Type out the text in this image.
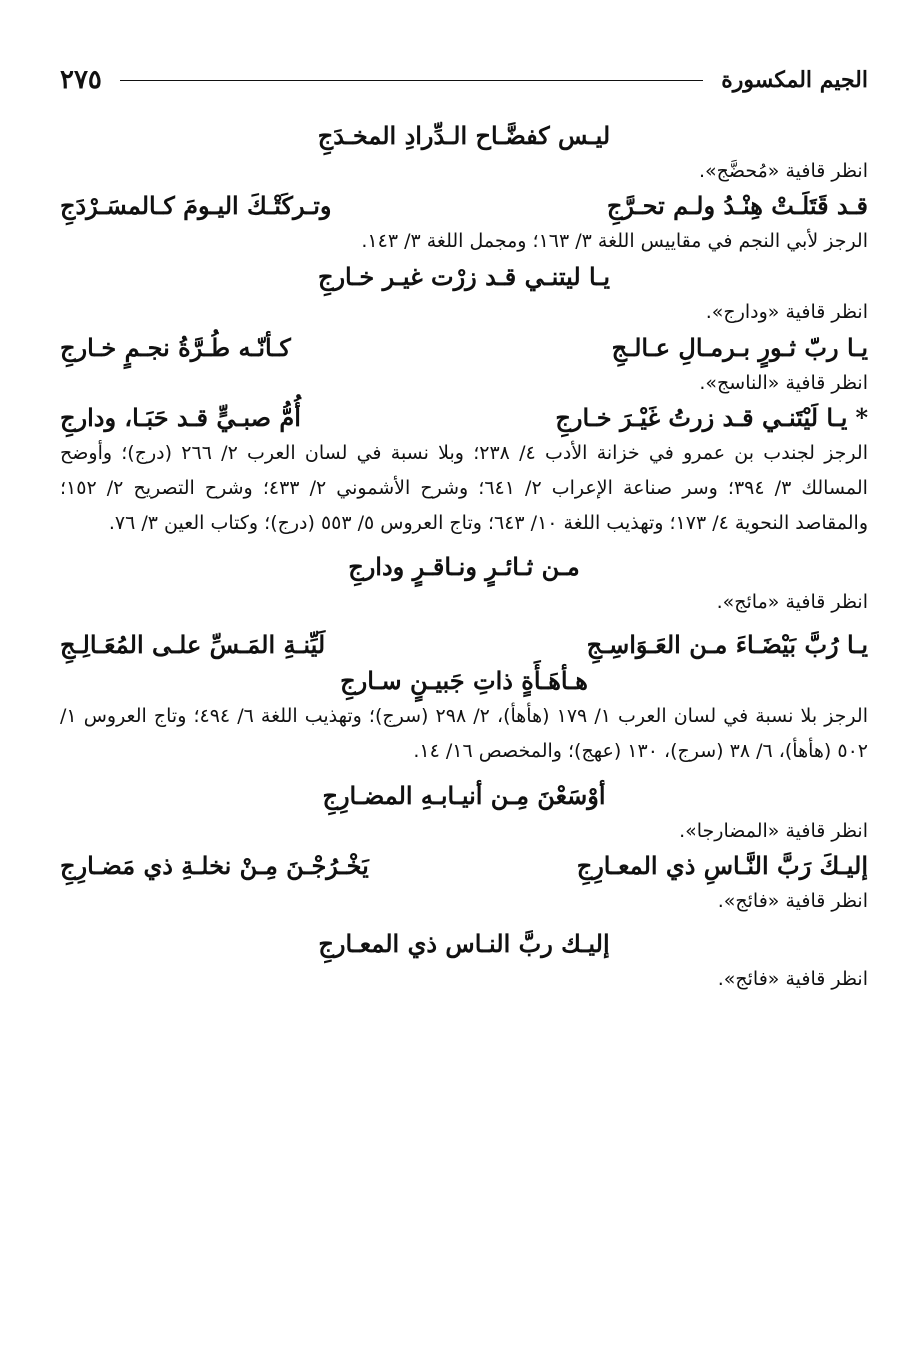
الجيم المكسورة
٢٧٥
ليـس كفضَّـاح الـدِّرادِ المخـدَجِ
انظر قافية «مُحضَّج».
قـد قَتَلَـتْ هِنْـدُ ولـم تحـرَّجِ
وتـركَتْـكَ اليـومَ كـالمسَـرْدَجِ
الرجز لأبي النجم في مقاييس اللغة ٣/ ١٦٣؛ ومجمل اللغة ٣/ ١٤٣.
يـا ليتنـي قـد زرْت غيـر خـارجِ
انظر قافية «ودارج».
يـا ربّ ثـورٍ بـرمـالِ عـالـجِ
كـأنّـه طُـرَّةُ نجـمٍ خـارجِ
انظر قافية «الناسج».
*يـا لَيْتَنـي قـد زرتُ غَيْـرَ خـارجِ
أُمُّ صبـيٍّ قـد حَبَـا، ودارجِ
الرجز لجندب بن عمرو في خزانة الأدب ٤/ ٢٣٨؛ وبلا نسبة في لسان العرب ٢/ ٢٦٦ (درج)؛ وأوضح المسالك ٣/ ٣٩٤؛ وسر صناعة الإعراب ٢/ ٦٤١؛ وشرح الأشموني ٢/ ٤٣٣؛ وشرح التصريح ٢/ ١٥٢؛ والمقاصد النحوية ٤/ ١٧٣؛ وتهذيب اللغة ١٠/ ٦٤٣؛ وتاج العروس ٥/ ٥٥٣ (درج)؛ وكتاب العين ٣/ ٧٦.
مـن ثـائـرٍ ونـاقـرٍ ودارجِ
انظر قافية «مائج».
يـا رُبَّ بَيْضَـاءَ مـن العَـوَاسِـجِ
لَيِّنـةِ المَـسِّ علـى المُعَـالِـجِ
هـأهَـأَةٍ ذاتِ جَبيـنٍ سـارجِ
الرجز بلا نسبة في لسان العرب ١/ ١٧٩ (هأهأ)، ٢/ ٢٩٨ (سرج)؛ وتهذيب اللغة ٦/ ٤٩٤؛ وتاج العروس ١/ ٥٠٢ (هأهأ)، ٦/ ٣٨ (سرج)، ١٣٠ (عهج)؛ والمخصص ١٦/ ١٤.
أوْسَعْنَ مِـن أنيـابـهِ المضـارِجِ
انظر قافية «المضارجا».
إليـكَ رَبَّ النَّـاسِ ذي المعـارِجِ
يَخْـرُجْـنَ مِـنْ نخلـةِ ذي مَضـارِجِ
انظر قافية «فائج».
إليـك ربَّ النـاس ذي المعـارجِ
انظر قافية «فائج».
